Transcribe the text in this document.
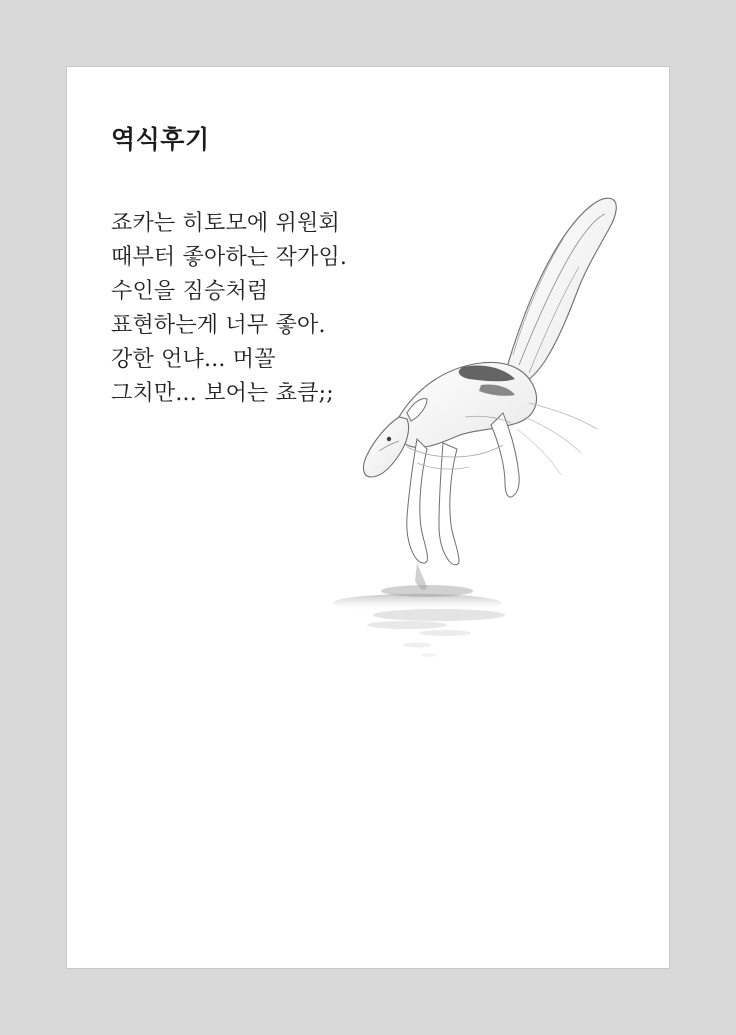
역식후기
죠카는 히토모에 위원회
때부터 좋아하는 작가임.
수인을 짐승처럼
표현하는게 너무 좋아.
강한 언냐... 머꼴
그치만... 보어는 쵸큼;;
